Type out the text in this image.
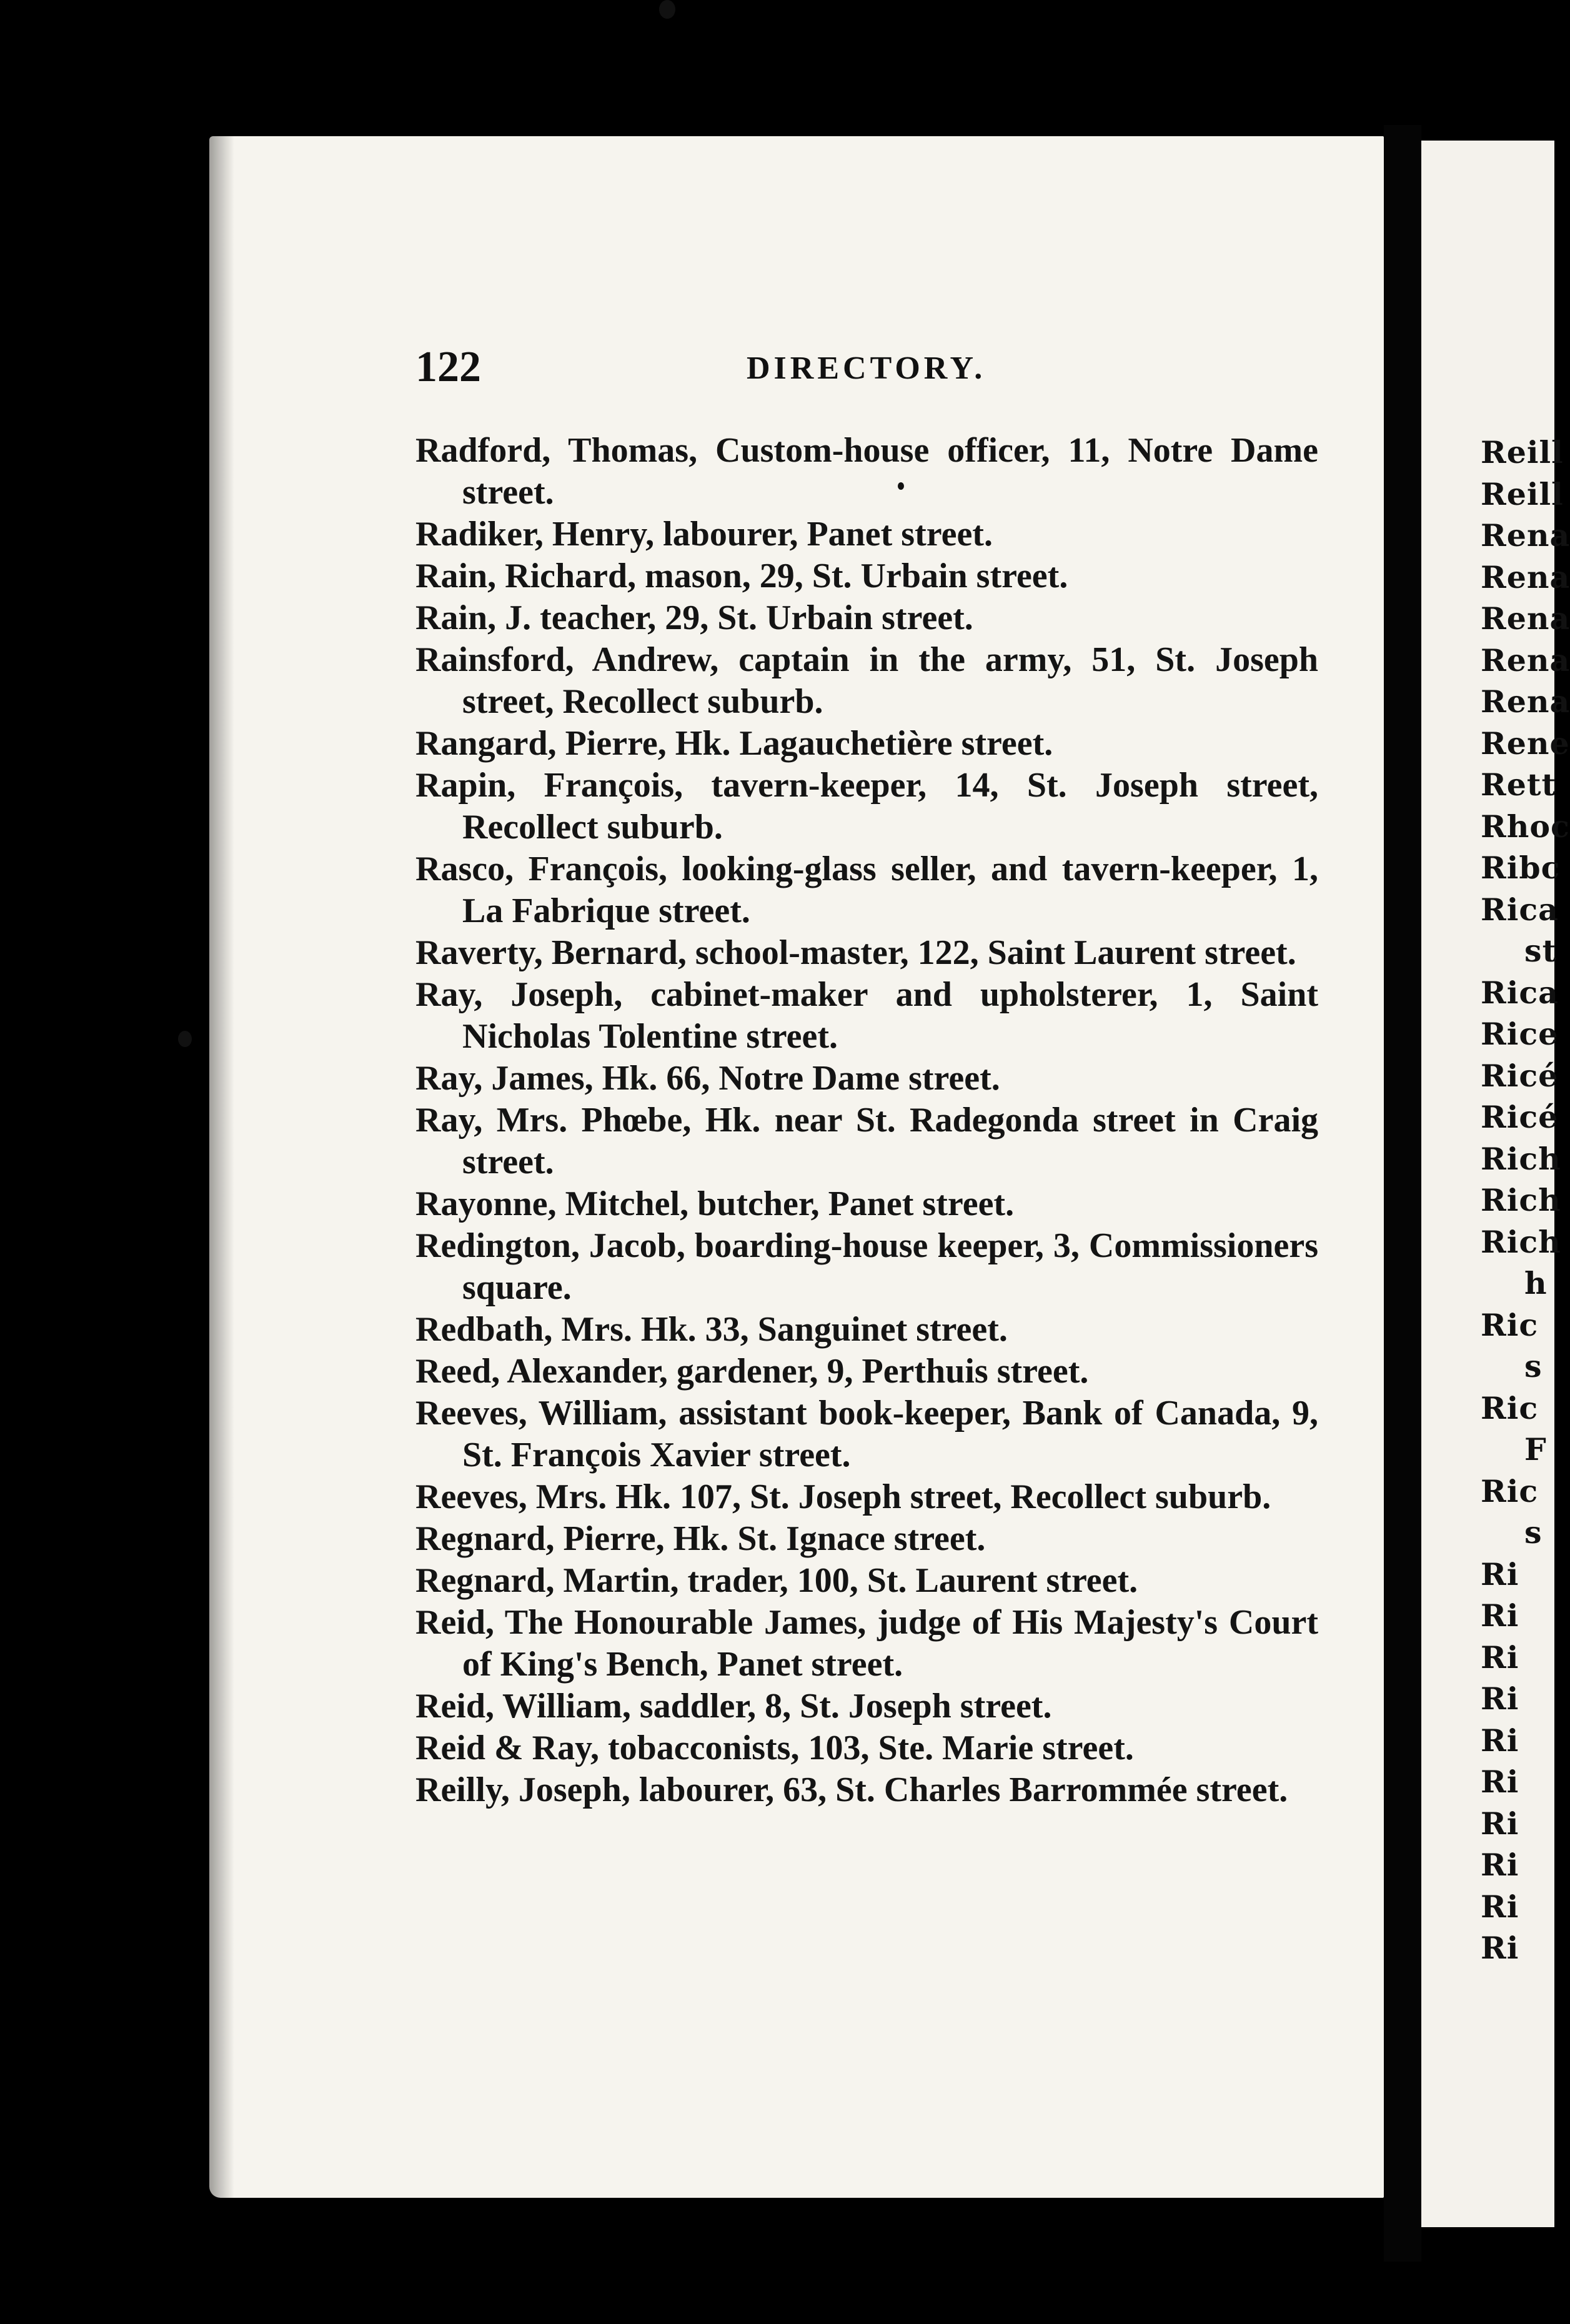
122	DIRECTORY.
Radford, Thomas, Custom-house officer, 11, Notre Dame street.
Radiker, Henry, labourer, Panet street.
Rain, Richard, mason, 29, St. Urbain street.
Rain, J. teacher, 29, St. Urbain street.
Rainsford, Andrew, captain in the army, 51, St. Joseph street, Recollect suburb.
Rangard, Pierre, Hk. Lagauchetière street.
Rapin, François, tavern-keeper, 14, St. Joseph street, Recollect suburb.
Rasco, François, looking-glass seller, and tavern-keeper, 1, La Fabrique street.
Raverty, Bernard, school-master, 122, Saint Laurent street.
Ray, Joseph, cabinet-maker and upholsterer, 1, Saint Nicholas Tolentine street.
Ray, James, Hk. 66, Notre Dame street.
Ray, Mrs. Phœbe, Hk. near St. Radegonda street in Craig street.
Rayonne, Mitchel, butcher, Panet street.
Redington, Jacob, boarding-house keeper, 3, Commissioners square.
Redbath, Mrs. Hk. 33, Sanguinet street.
Reed, Alexander, gardener, 9, Perthuis street.
Reeves, William, assistant book-keeper, Bank of Canada, 9, St. François Xavier street.
Reeves, Mrs. Hk. 107, St. Joseph street, Recollect suburb.
Regnard, Pierre, Hk. St. Ignace street.
Regnard, Martin, trader, 100, St. Laurent street.
Reid, The Honourable James, judge of His Majesty's Court of King's Bench, Panet street.
Reid, William, saddler, 8, St. Joseph street.
Reid & Ray, tobacconists, 103, Ste. Marie street.
Reilly, Joseph, labourer, 63, St. Charles Barrommée street.
Reill
Reill
Rena
Rena
Rena
Rena
Rena
Rene
Rett
Rhoc
Ribc
Rica
st
Rica
Rice
Ricé
Ricé
Rich
Rich
Rich
h
Ric
s
Ric
F
Ric
s
Ri
Ri
Ri
Ri
Ri
Ri
Ri
Ri
Ri
Ri
